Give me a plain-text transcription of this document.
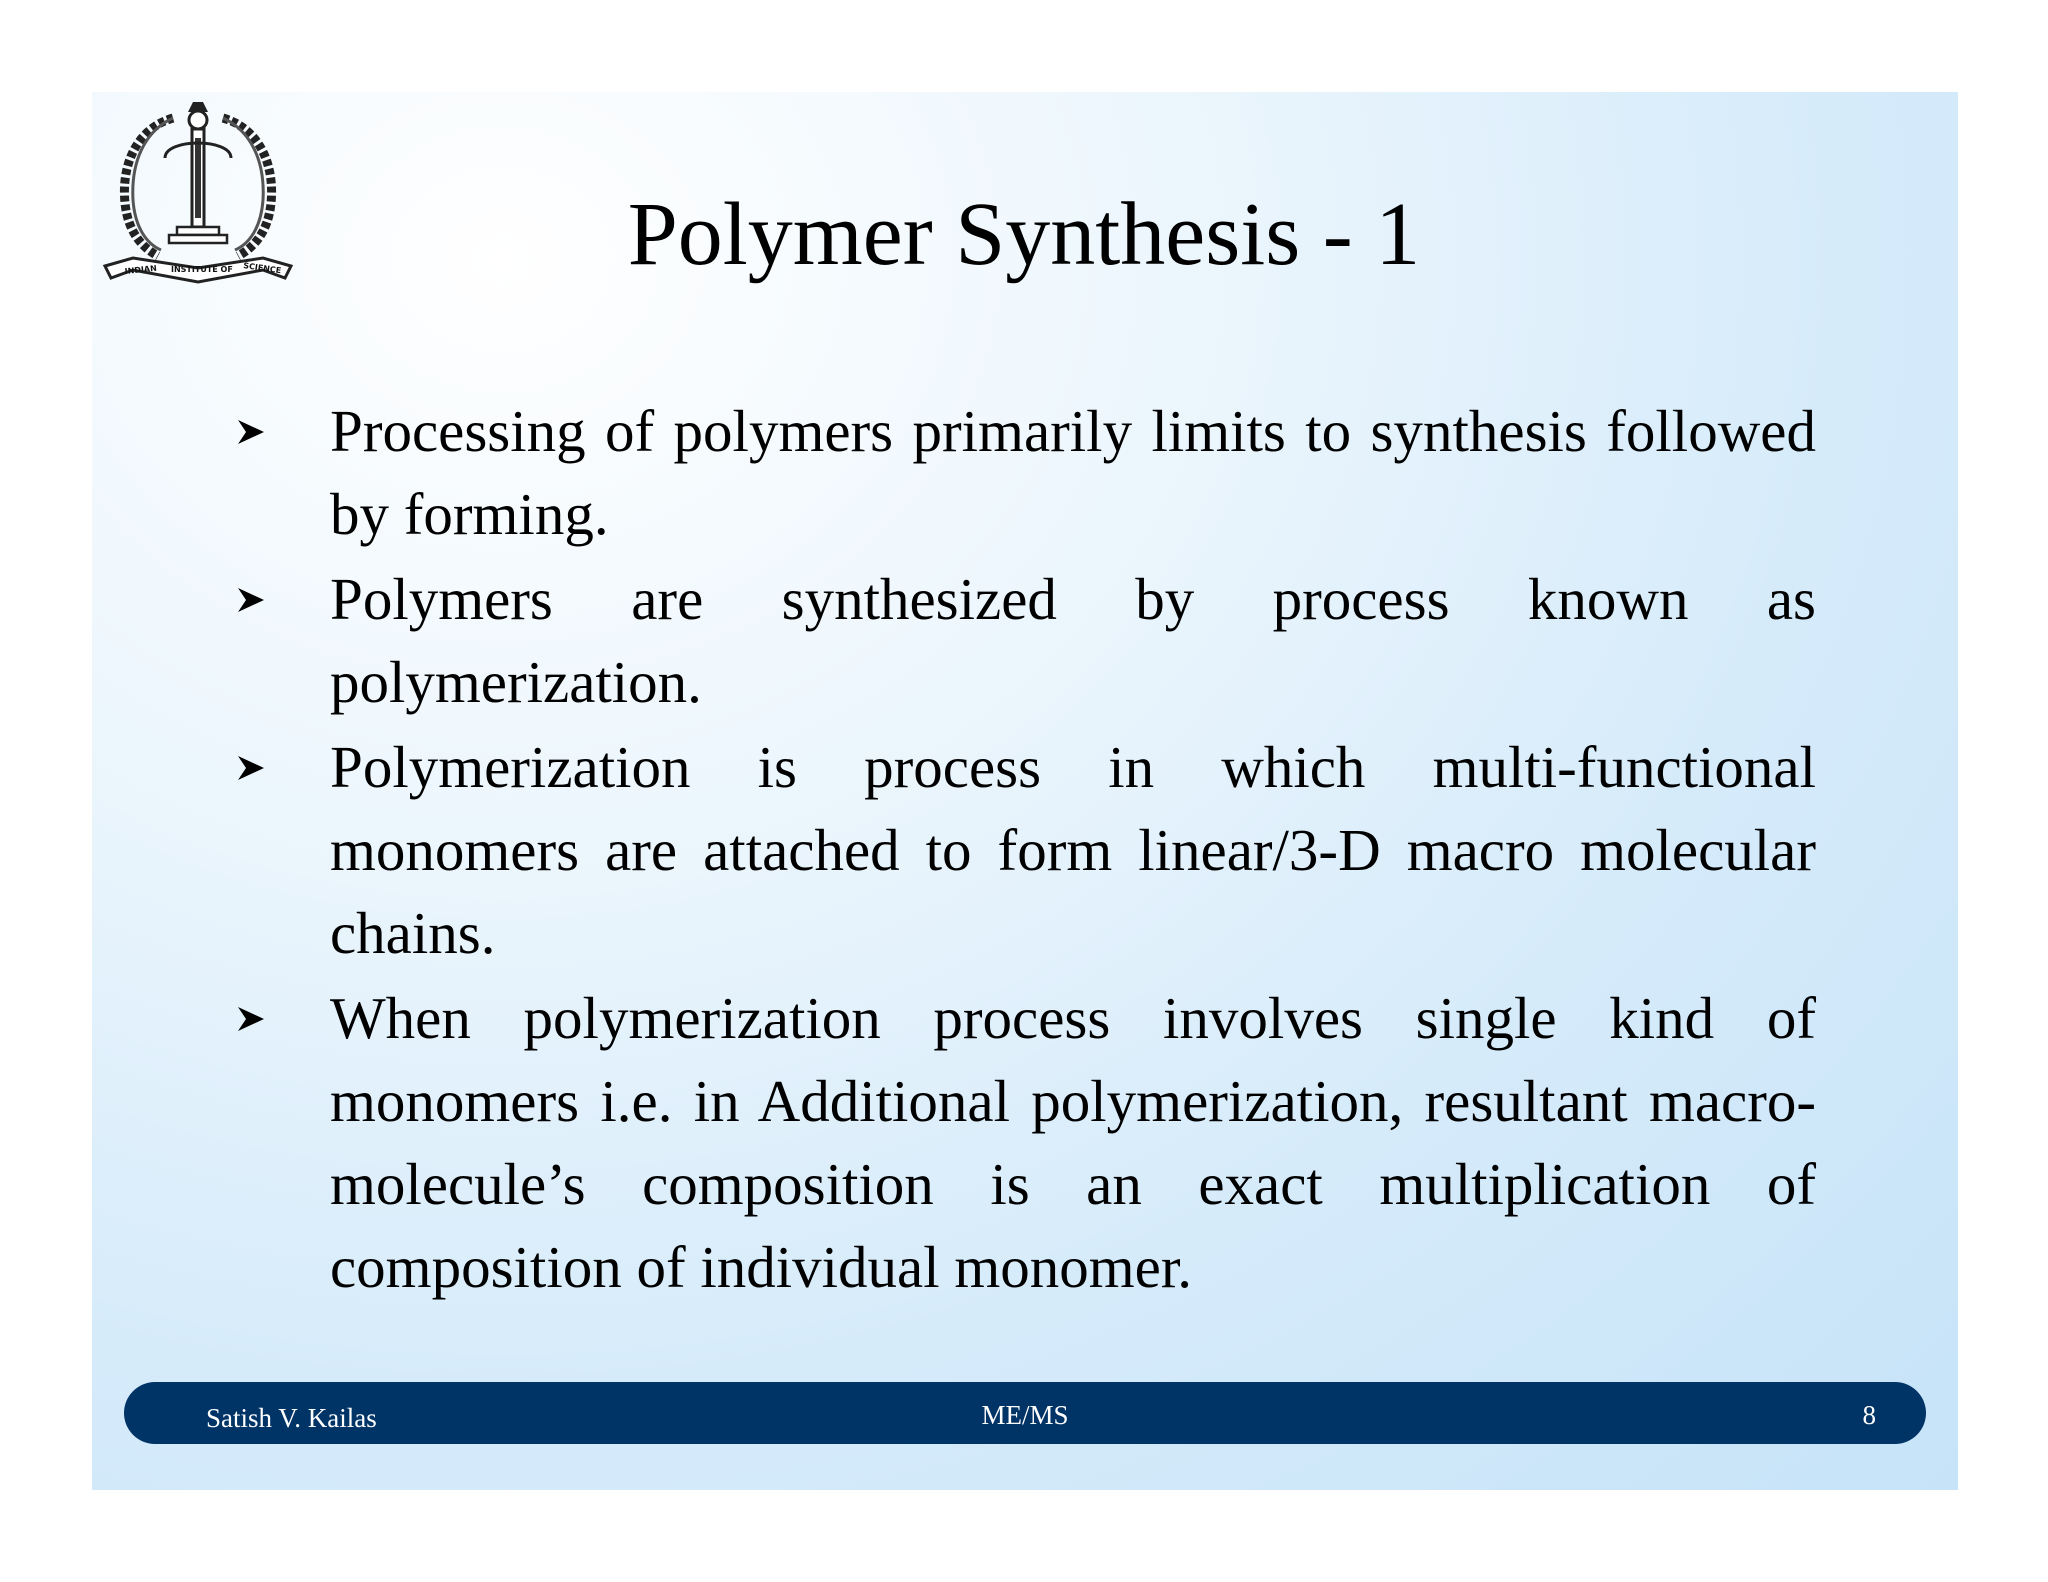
INDIAN INSTITUTE OF SCIENCE	Polymer Synthesis - 1
Processing of polymers primarily limits to synthesis followed by forming.
Polymers are synthesized by process known as polymerization.
Polymerization is process in which multi-functional monomers are attached to form linear/3-D macro molecular chains.
When polymerization process involves single kind of monomers i.e. in Additional polymerization, resultant macro-molecule’s composition is an exact multiplication of composition of individual monomer.
Satish V. Kailas	ME/MS	8
